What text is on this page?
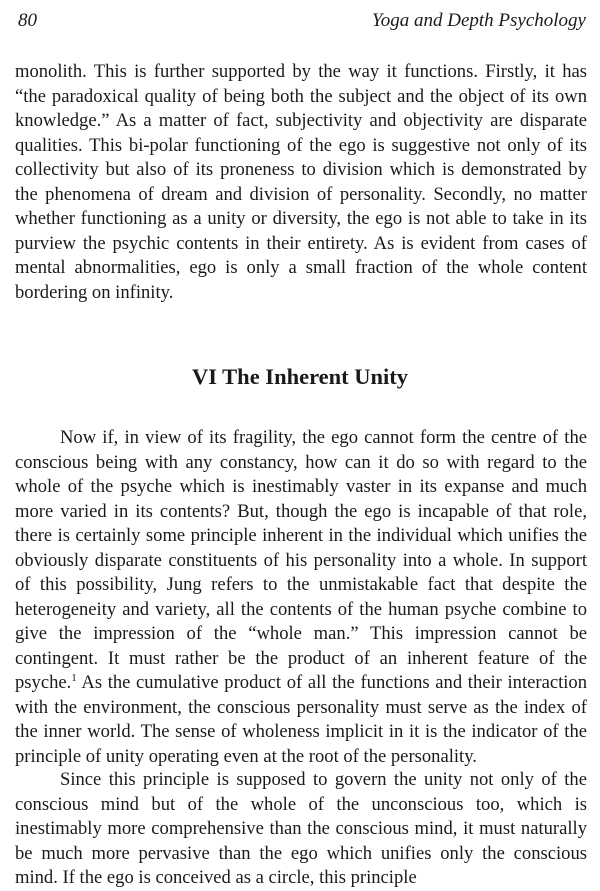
80	Yoga and Depth Psychology

monolith. This is further supported by the way it functions. Firstly, it has “the paradoxical quality of being both the subject and the object of its own knowledge.” As a matter of fact, subjectivity and objectivity are disparate qualities. This bi-polar functioning of the ego is suggestive not only of its collectivity but also of its proneness to division which is demonstrated by the phenomena of dream and division of personality. Secondly, no matter whether functioning as a unity or diversity, the ego is not able to take in its purview the psychic contents in their entirety. As is evident from cases of mental abnormalities, ego is only a small fraction of the whole content bordering on infinity.

VI The Inherent Unity

Now if, in view of its fragility, the ego cannot form the centre of the conscious being with any constancy, how can it do so with regard to the whole of the psyche which is inestimably vaster in its expanse and much more varied in its contents? But, though the ego is incapable of that role, there is certainly some principle inherent in the individual which unifies the obviously disparate constituents of his personality into a whole. In support of this possibility, Jung refers to the unmistakable fact that despite the heterogeneity and variety, all the contents of the human psyche combine to give the impression of the “whole man.” This impression cannot be contingent. It must rather be the product of an inherent feature of the psyche.$^1$ As the cumulative product of all the functions and their interaction with the environment, the conscious personality must serve as the index of the inner world. The sense of wholeness implicit in it is the indicator of the principle of unity operating even at the root of the personality.

Since this principle is supposed to govern the unity not only of the conscious mind but of the whole of the unconscious too, which is inestimably more comprehensive than the conscious mind, it must naturally be much more pervasive than the ego which unifies only the conscious mind. If the ego is conceived as a circle, this principle
